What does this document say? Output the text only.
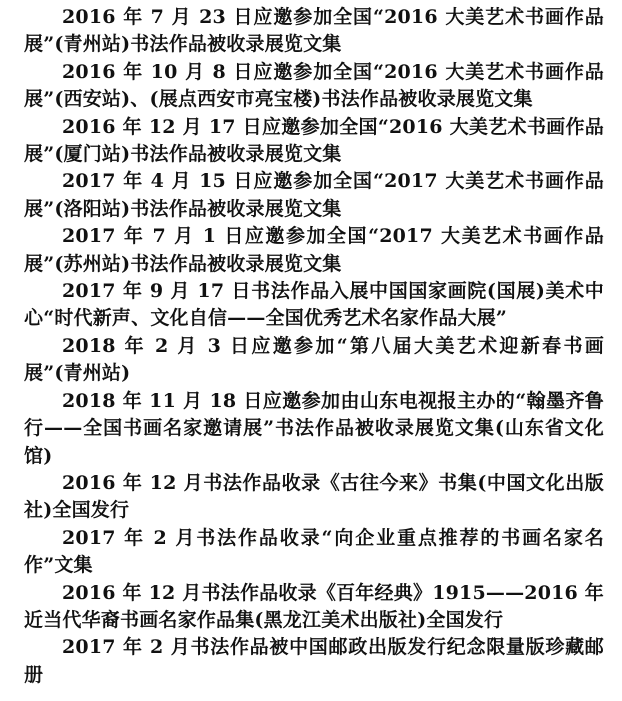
2016 年 7 月 23 日应邀参加全国“2016 大美艺术书画作品展”(青州站)书法作品被收录展览文集
2016 年 10 月 8 日应邀参加全国“2016 大美艺术书画作品展”(西安站)、(展点西安市亮宝楼)书法作品被收录展览文集
2016 年 12 月 17 日应邀参加全国“2016 大美艺术书画作品展”(厦门站)书法作品被收录展览文集
2017 年 4 月 15 日应邀参加全国“2017 大美艺术书画作品展”(洛阳站)书法作品被收录展览文集
2017 年 7 月 1 日应邀参加全国“2017 大美艺术书画作品展”(苏州站)书法作品被收录展览文集
2017 年 9 月 17 日书法作品入展中国国家画院(国展)美术中心“时代新声、文化自信——全国优秀艺术名家作品大展”
2018 年 2 月 3 日应邀参加“第八届大美艺术迎新春书画展”(青州站)
2018 年 11 月 18 日应邀参加由山东电视报主办的“翰墨齐鲁行——全国书画名家邀请展”书法作品被收录展览文集(山东省文化馆)
2016 年 12 月书法作品收录《古往今来》书集(中国文化出版社)全国发行
2017 年 2 月书法作品收录“向企业重点推荐的书画名家名作”文集
2016 年 12 月书法作品收录《百年经典》1915——2016 年近当代华裔书画名家作品集(黑龙江美术出版社)全国发行
2017 年 2 月书法作品被中国邮政出版发行纪念限量版珍藏邮册
